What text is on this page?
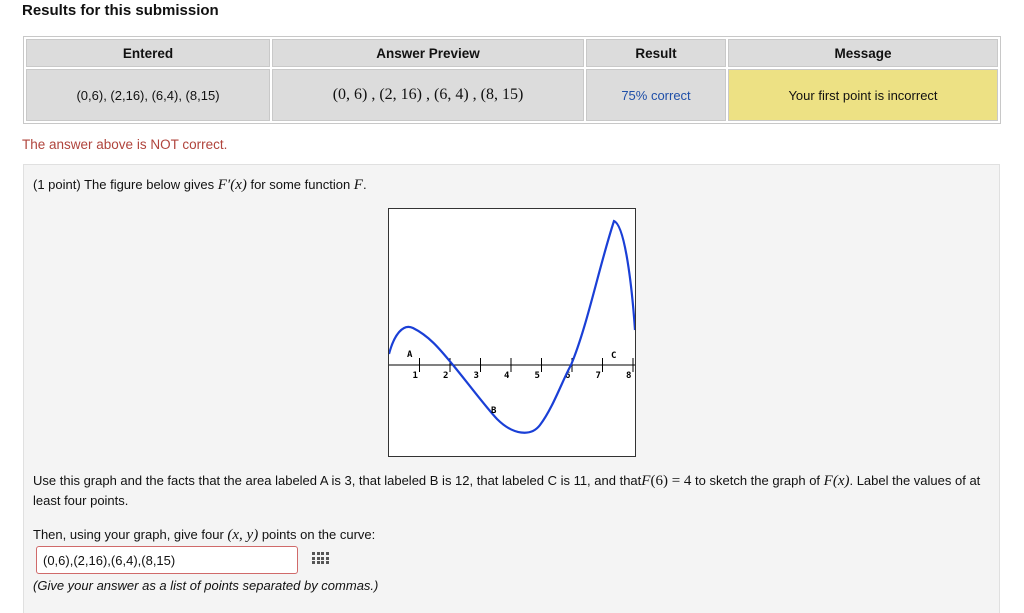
Results for this submission
Entered	Answer Preview	Result	Message
(0,6), (2,16), (6,4), (8,15)	(0, 6) , (2, 16) , (6, 4) , (8, 15)	75% correct	Your first point is incorrect
The answer above is NOT correct.
(1 point) The figure below gives F′(x) for some function F.
1	2	3	4	5	6	7	8
A
B
C
Use this graph and the facts that the area labeled A is 3, that labeled B is 12, that labeled C is 11, and thatF(6) = 4 to sketch the graph of F(x). Label the values of at least four points.
Then, using your graph, give four (x, y) points on the curve:
(0,6),(2,16),(6,4),(8,15)
(Give your answer as a list of points separated by commas.)
